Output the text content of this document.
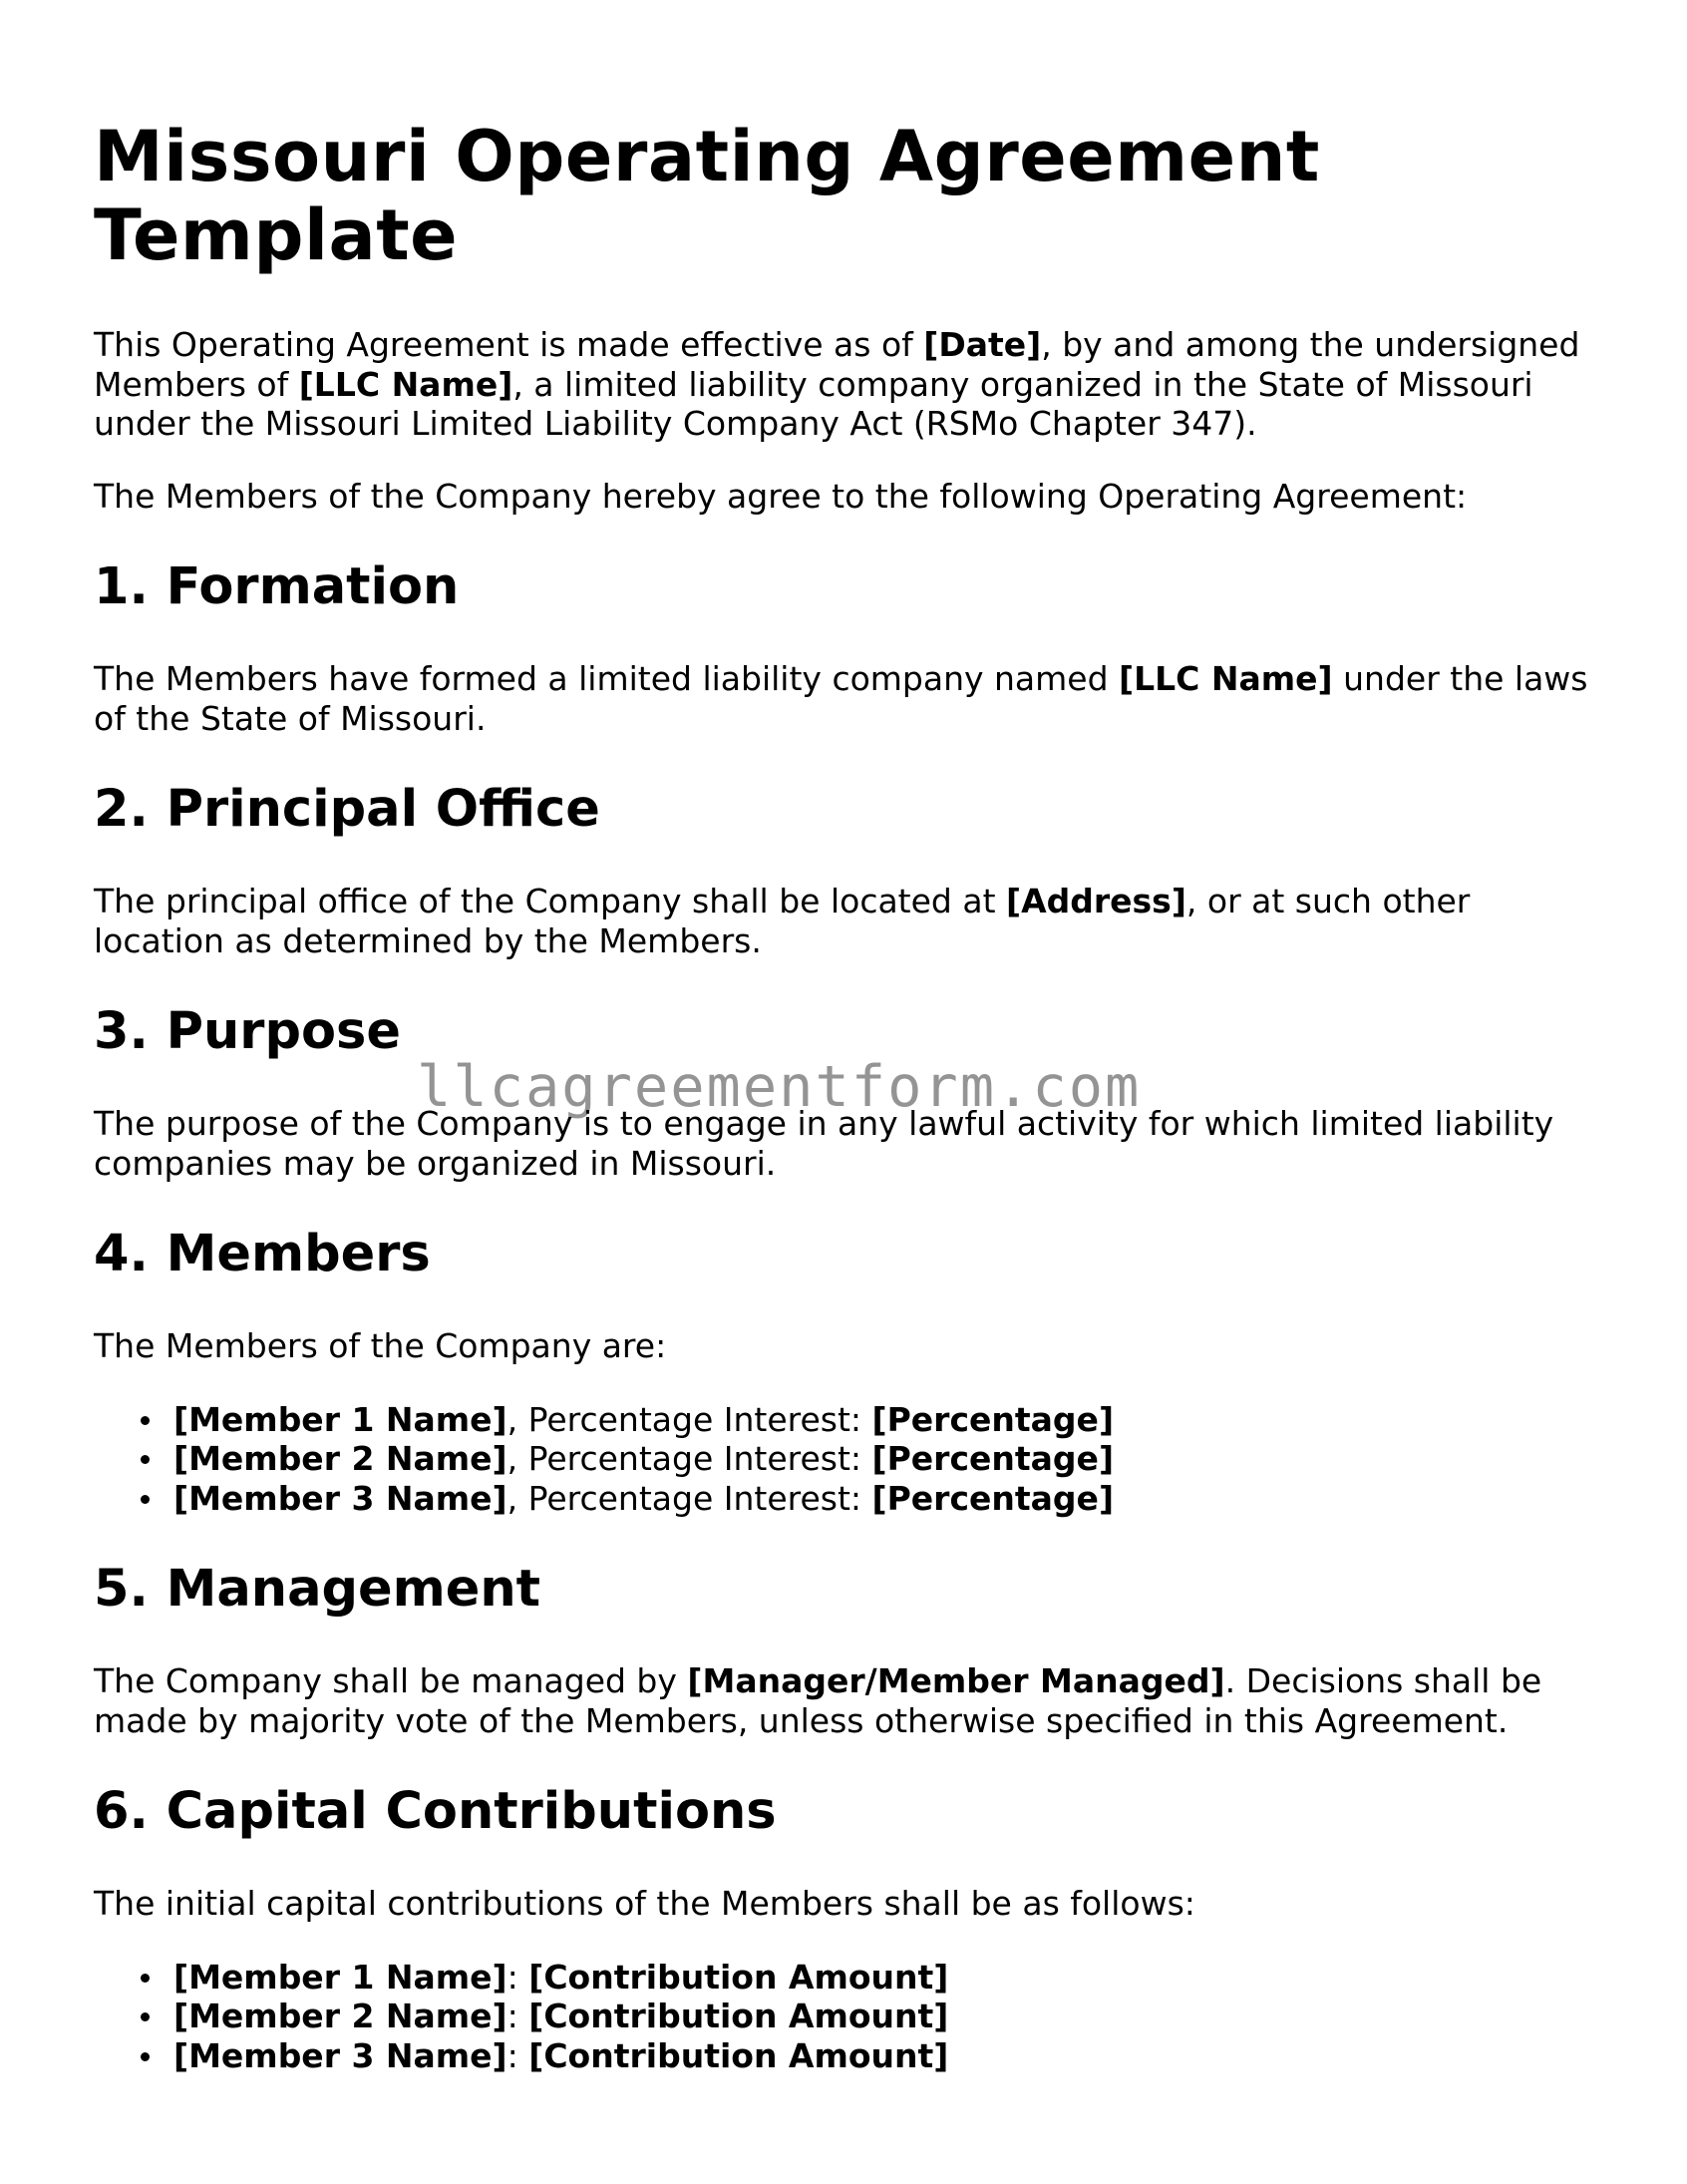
Missouri Operating Agreement Template

This Operating Agreement is made effective as of [Date], by and among the undersigned Members of [LLC Name], a limited liability company organized in the State of Missouri under the Missouri Limited Liability Company Act (RSMo Chapter 347).

The Members of the Company hereby agree to the following Operating Agreement:

1. Formation

The Members have formed a limited liability company named [LLC Name] under the laws of the State of Missouri.

2. Principal Office

The principal office of the Company shall be located at [Address], or at such other location as determined by the Members.

3. Purpose

The purpose of the Company is to engage in any lawful activity for which limited liability companies may be organized in Missouri.

4. Members

The Members of the Company are:

[Member 1 Name], Percentage Interest: [Percentage]
[Member 2 Name], Percentage Interest: [Percentage]
[Member 3 Name], Percentage Interest: [Percentage]
5. Management

The Company shall be managed by [Manager/Member Managed]. Decisions shall be made by majority vote of the Members, unless otherwise specified in this Agreement.

6. Capital Contributions

The initial capital contributions of the Members shall be as follows:

[Member 1 Name]: [Contribution Amount]
[Member 2 Name]: [Contribution Amount]
[Member 3 Name]: [Contribution Amount]
llcagreementform.com
